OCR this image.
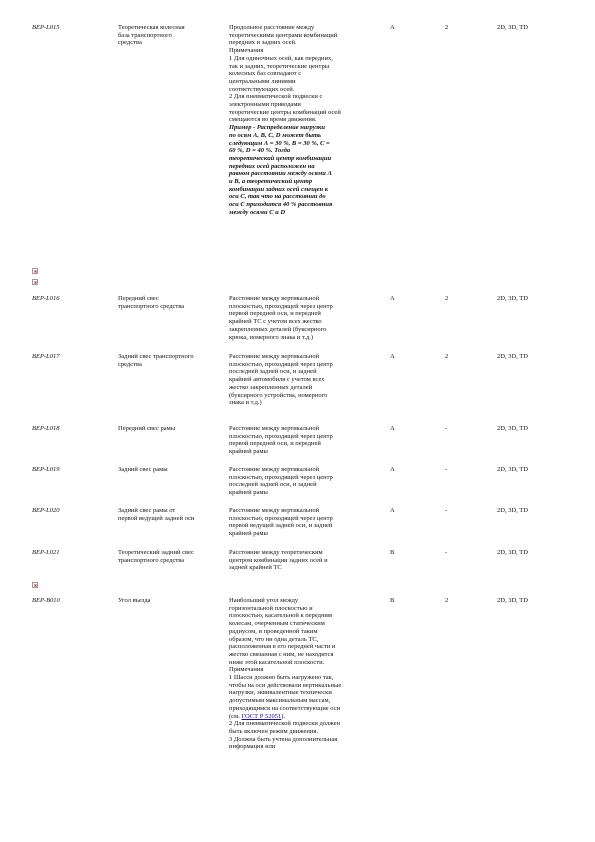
BEP-L015	Теоретическая колесная
база транспортного
средства
Продольное расстояние между
теоретическими центрами комбинаций
передних и задних осей.
Примечания
1 Для одиночных осей, как передних,
так и задних, теоретические центры
колесных баз совпадают с
центральными линиями
соответствующих осей.
2 Для пневматической подвески с
электронными приводами
теоретические центры комбинаций осей
смещаются во время движения.
Пример - Распределение нагрузки
по осям А, В, С, D может быть
следующим А = 30 %, В = 30 %, С =
60 %, D = 40 %. Тогда
теоретический центр комбинации
передних осей расположен на
равном расстоянии между осями А
и В, а теоретический центр
комбинации задних осей смещен к
оси С, так что на расстоянии до
оси С приходится 40 % расстояния
между осями С и D
А	2	2D, 3D, TD
BEP-L016	Передний свес
транспортного средства
Расстояние между вертикальной
плоскостью, проходящей через центр
первой передней оси, и передней
крайней ТС с учетом всех жестко
закрепленных деталей (буксирного
крюка, номерного знака и т.д.)
А	2	2D, 3D, TD
BEP-L017	Задний свес транспортного
средства
Расстояние между вертикальной
плоскостью, проходящей через центр
последней задней оси, и задней
крайней автомобиля с учетом всех
жестко закрепленных деталей
(буксирного устройства, номерного
знака и т.д.)
А	2	2D, 3D, TD
BEP-L018	Передний свес рамы	Расстояние между вертикальной
плоскостью, проходящей через центр
первой передней оси, и передней
крайней рамы
А	-	2D, 3D, TD
BEP-L019	Задний свес рамы	Расстояние между вертикальной
плоскостью, проходящей через центр
последней задней оси, и задней
крайней рамы
А	-	2D, 3D, TD
BEP-L020	Задний свес рамы от
первой ведущей задней оси
Расстояние между вертикальной
плоскостью, проходящей через центр
первой ведущей задней оси, и задней
крайней рамы
А	-	2D, 3D, TD
BEP-L021	Теоретический задний свес
транспортного средства
Расстояние между теоретическим
центром комбинации задних осей и
задней крайней ТС
В	-	2D, 3D, TD
BEP-B010	Угол въезда	Наибольший угол между
горизонтальной плоскостью и
плоскостью, касательной к передним
колесам, очерченным статическим
радиусом, и проведенной таким
образом, что ни одна деталь ТС,
расположенная в его передней части и
жестко связанная с ним, не находится
ниже этой касательной плоскости.
Примечания
1 Шасси должно быть нагружено так,
чтобы на оси действовали вертикальные
нагрузки, эквивалентные технически
допустимым максимальным массам,
приходящимся на соответствующие оси
(см. ГОСТ Р 52051).
2 Для пневматической подвески должен
быть включен режим движения.
3 Должна быть учтена дополнительная
информация или
В	2	2D, 3D, TD
